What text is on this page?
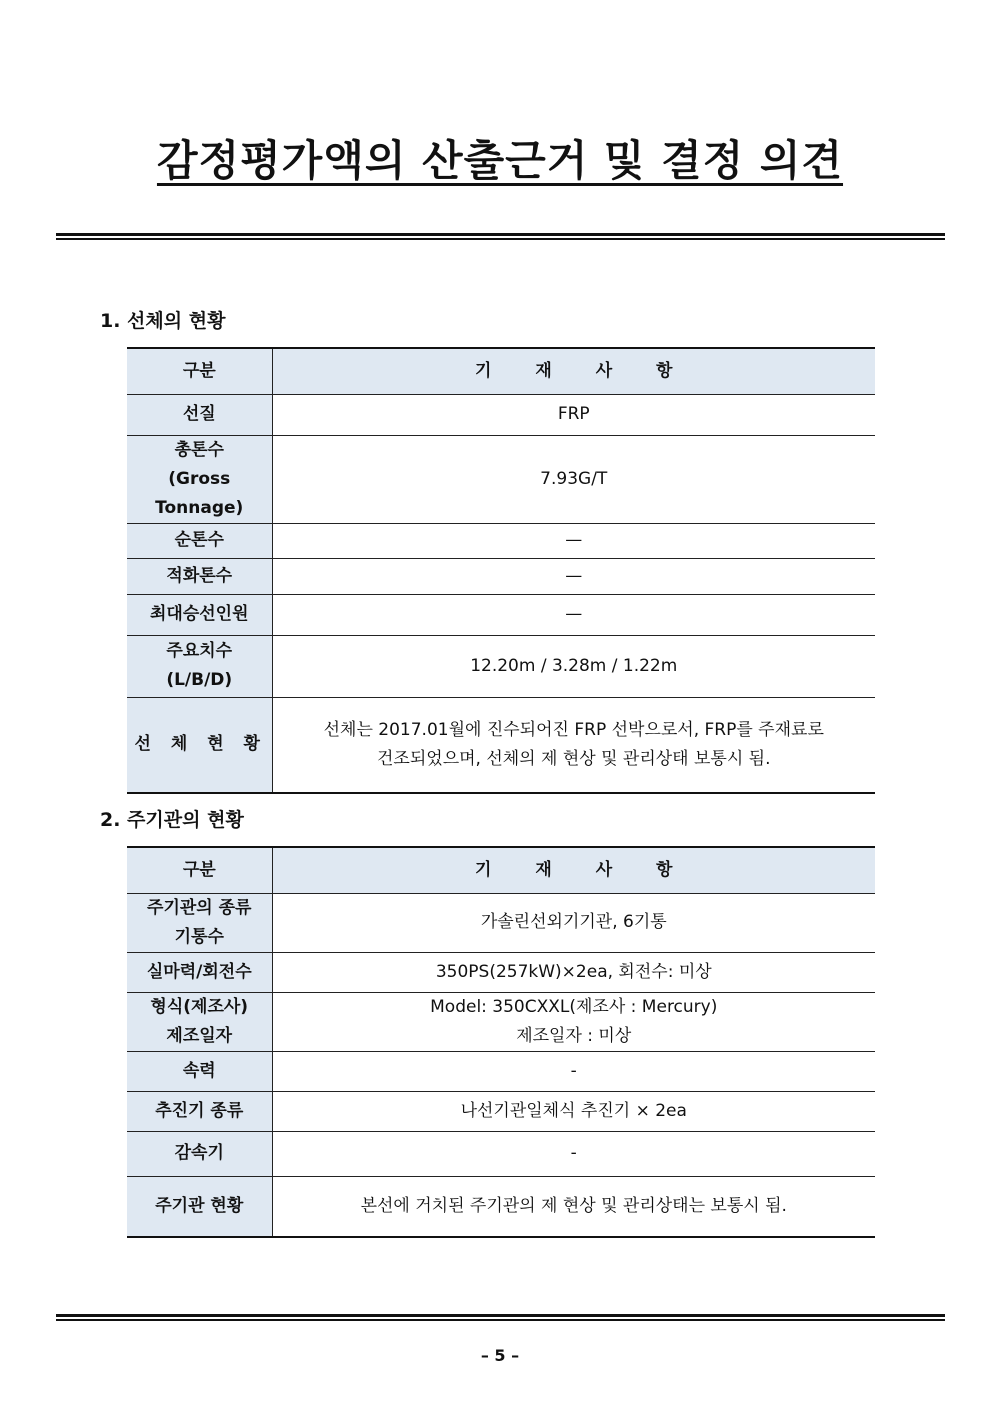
감정평가액의 산출근거 및 결정 의견
1. 선체의 현황
구분	기 재 사 항
선질	FRP

총톤수
(Gross Tonnage)	7.93G/T
순톤수	—
적화톤수	—
최대승선인원	—

주요치수
(L/B/D)	12.20m / 3.28m / 1.22m
선 체 현 황	선체는 2017.01월에 진수되어진 FRP 선박으로서, FRP를 주재료로
건조되었으며, 선체의 제 현상 및 관리상태 보통시 됨.
2. 주기관의 현황
구분	기 재 사 항

주기관의 종류
기통수	가솔린선외기기관, 6기통
실마력/회전수	350PS(257kW)×2ea, 회전수: 미상

형식(제조사)
제조일자	Model: 350CXXL(제조사 : Mercury)
제조일자 : 미상

속력	-
추진기 종류	나선기관일체식 추진기 × 2ea
감속기	-
주기관 현황	본선에 거치된 주기관의 제 현상 및 관리상태는 보통시 됨.
– 5 –
